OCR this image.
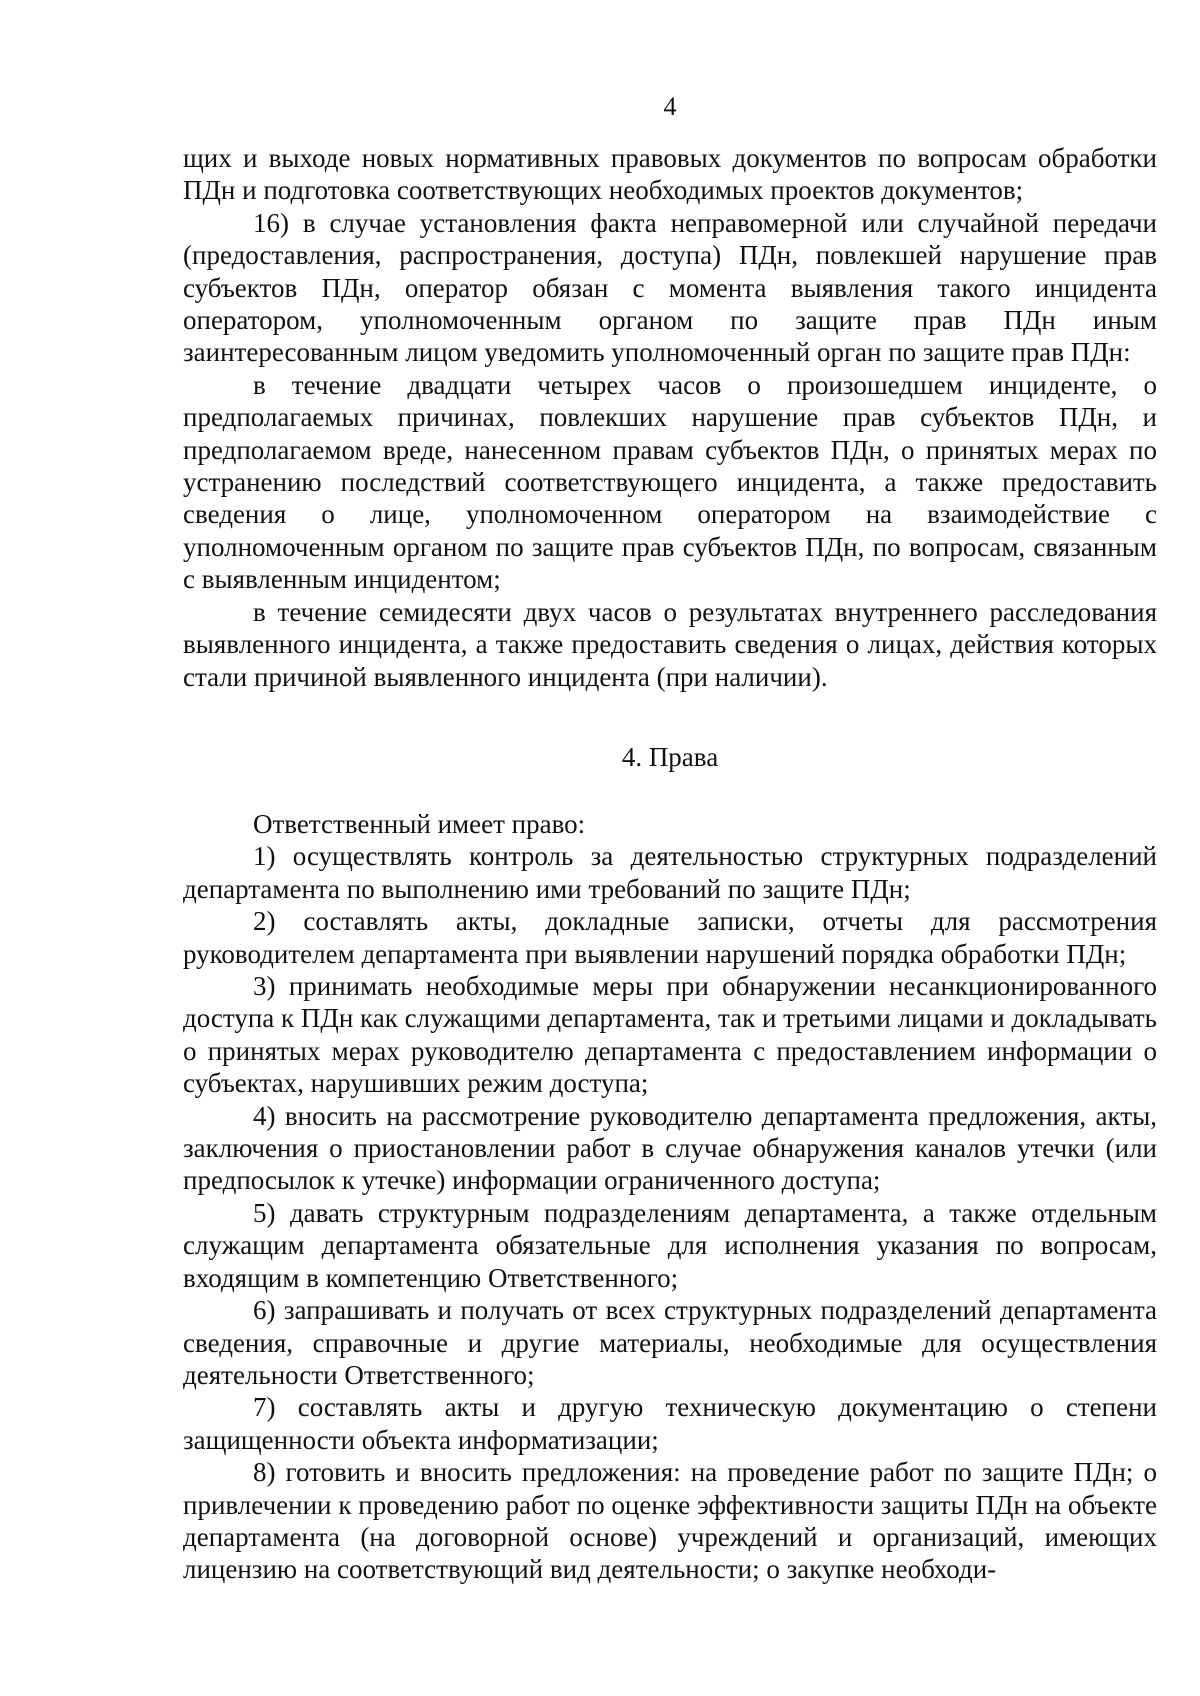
4

щих и выходе новых нормативных правовых документов по вопросам обработки ПДн и подготовка соответствующих необходимых проектов документов;

16) в случае установления факта неправомерной или случайной передачи (предоставления, распространения, доступа) ПДн, повлекшей нарушение прав субъектов ПДн, оператор обязан с момента выявления такого инцидента оператором, уполномоченным органом по защите прав ПДн иным заинтересованным лицом уведомить уполномоченный орган по защите прав ПДн:

в течение двадцати четырех часов о произошедшем инциденте, о предполагаемых причинах, повлекших нарушение прав субъектов ПДн, и предполагаемом вреде, нанесенном правам субъектов ПДн, о принятых мерах по устранению последствий соответствующего инцидента, а также предоставить сведения о лице, уполномоченном оператором на взаимодействие с уполномоченным органом по защите прав субъектов ПДн, по вопросам, связанным с выявленным инцидентом;

в течение семидесяти двух часов о результатах внутреннего расследования выявленного инцидента, а также предоставить сведения о лицах, действия которых стали причиной выявленного инцидента (при наличии).

4. Права

Ответственный имеет право:

1) осуществлять контроль за деятельностью структурных подразделений департамента по выполнению ими требований по защите ПДн;

2) составлять акты, докладные записки, отчеты для рассмотрения руководителем департамента при выявлении нарушений порядка обработки ПДн;

3) принимать необходимые меры при обнаружении несанкционированного доступа к ПДн как служащими департамента, так и третьими лицами и докладывать о принятых мерах руководителю департамента с предоставлением информации о субъектах, нарушивших режим доступа;

4) вносить на рассмотрение руководителю департамента предложения, акты, заключения о приостановлении работ в случае обнаружения каналов утечки (или предпосылок к утечке) информации ограниченного доступа;

5) давать структурным подразделениям департамента, а также отдельным служащим департамента обязательные для исполнения указания по вопросам, входящим в компетенцию Ответственного;

6) запрашивать и получать от всех структурных подразделений департамента сведения, справочные и другие материалы, необходимые для осуществления деятельности Ответственного;

7) составлять акты и другую техническую документацию о степени защищенности объекта информатизации;

8) готовить и вносить предложения: на проведение работ по защите ПДн; о привлечении к проведению работ по оценке эффективности защиты ПДн на объекте департамента (на договорной основе) учреждений и организаций, имеющих лицензию на соответствующий вид деятельности; о закупке необходи-
